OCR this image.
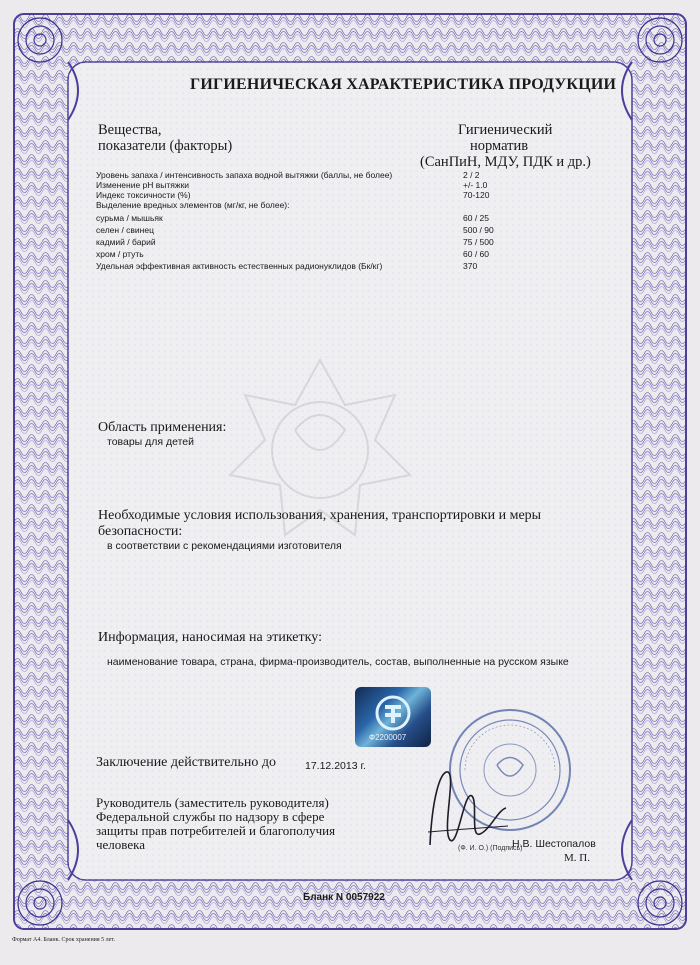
ГИГИЕНИЧЕСКАЯ ХАРАКТЕРИСТИКА ПРОДУКЦИИ
Вещества,
показатели (факторы)
Гигиенический
норматив
(СанПиН, МДУ, ПДК и др.)
Уровень запаха / интенсивность запаха водной вытяжки (баллы, не более)	2 / 2
Изменение рН вытяжки	+/- 1.0
Индекс токсичности (%)	70-120
Выделение вредных элементов (мг/кг, не более):
сурьма / мышьяк	60 / 25
селен / свинец	500 / 90
кадмий / барий	75 / 500
хром / ртуть	60 / 60
Удельная эффективная активность естественных радионуклидов (Бк/кг)	370
Область применения:
товары для детей
Необходимые условия использования, хранения, транспортировки и меры
безопасности:
в соответствии с рекомендациями изготовителя
Информация, наносимая на этикетку:
наименование товара, страна, фирма-производитель, состав, выполненные на русском языке
Ф2200007
Заключение действительно до	17.12.2013 г.
Руководитель (заместитель руководителя)
Федеральной службы по надзору в сфере
защиты прав потребителей и благополучия
человека	Н.В. Шестопалов
(Ф. И. О.) (Подпись)
М. П.
Бланк N 0057922
Формат А4. Бланк. Срок хранения 5 лет.
